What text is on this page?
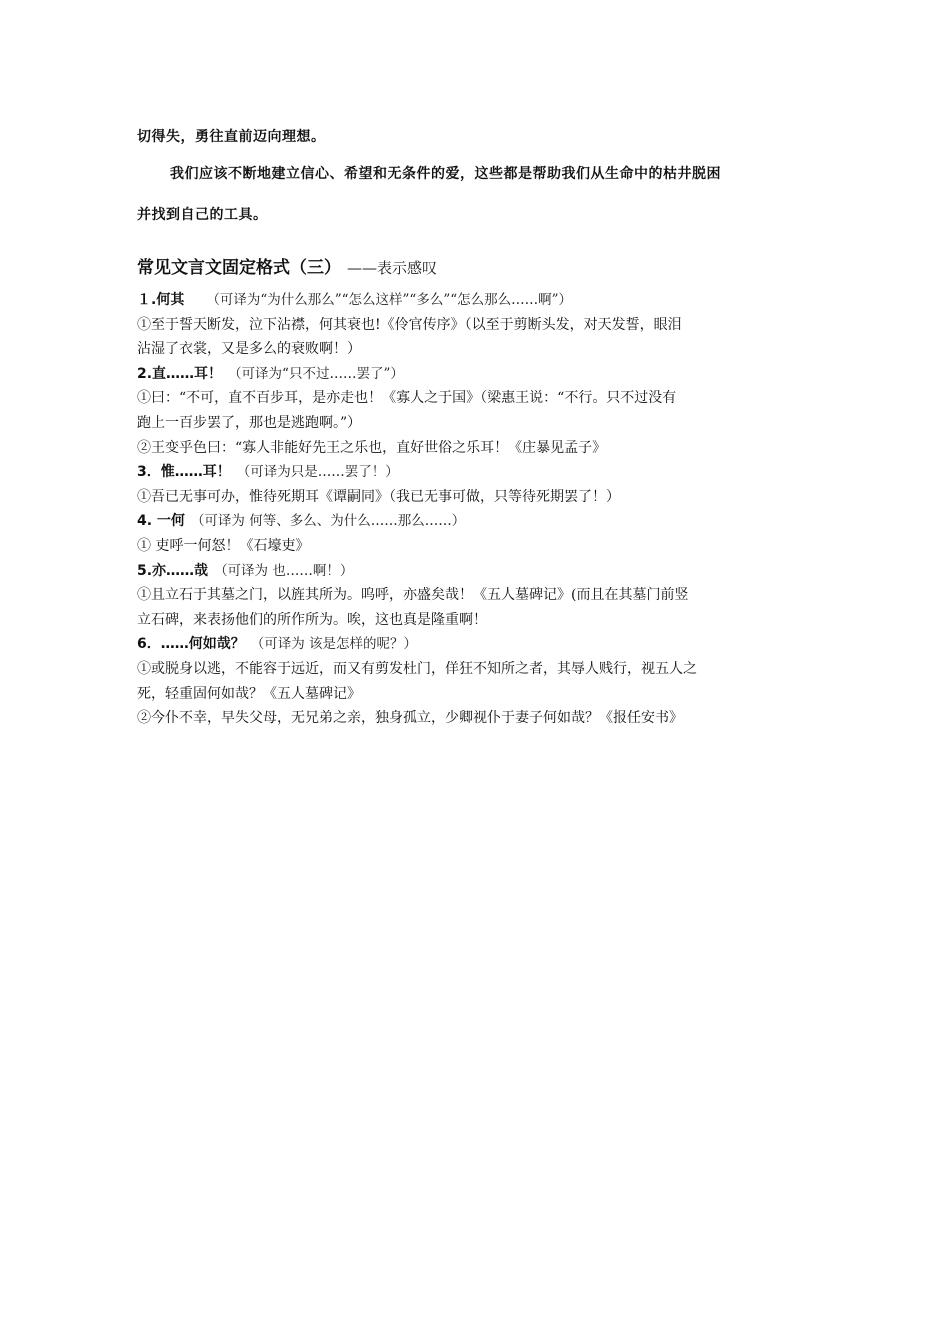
切得失，勇往直前迈向理想。
我们应该不断地建立信心、希望和无条件的爱，这些都是帮助我们从生命中的枯井脱困
并找到自己的工具。
常见文言文固定格式（三） ——表示感叹
１.何其 （可译为“为什么那么”“怎么这样”“多么”“怎么那么……啊”）
①至于誓天断发，泣下沾襟，何其衰也!《伶官传序》（以至于剪断头发，对天发誓，眼泪
沾湿了衣裳，又是多么的衰败啊！）
2.直……耳！ （可译为“只不过……罢了”）
①曰：“不可，直不百步耳，是亦走也！《寡人之于国》（梁惠王说：“不行。只不过没有
跑上一百步罢了，那也是逃跑啊。”）
②王变乎色曰：“寡人非能好先王之乐也，直好世俗之乐耳！《庄暴见孟子》
3．惟……耳！ （可译为只是……罢了！）
①吾已无事可办，惟待死期耳《谭嗣同》（我已无事可做，只等待死期罢了！）
4. 一何 （可译为 何等、多么、为什么……那么……）
① 吏呼一何怒！《石壕吏》
5.亦……哉 （可译为 也……啊！）
①且立石于其墓之门，以旌其所为。呜呼，亦盛矣哉！《五人墓碑记》(而且在其墓门前竖
立石碑，来表扬他们的所作所为。唉，这也真是隆重啊！
6．……何如哉？ （可译为 该是怎样的呢？）
①或脱身以逃，不能容于远近，而又有剪发杜门，佯狂不知所之者，其辱人贱行，视五人之
死，轻重固何如哉？《五人墓碑记》
②今仆不幸，早失父母，无兄弟之亲，独身孤立，少卿视仆于妻子何如哉？《报任安书》
